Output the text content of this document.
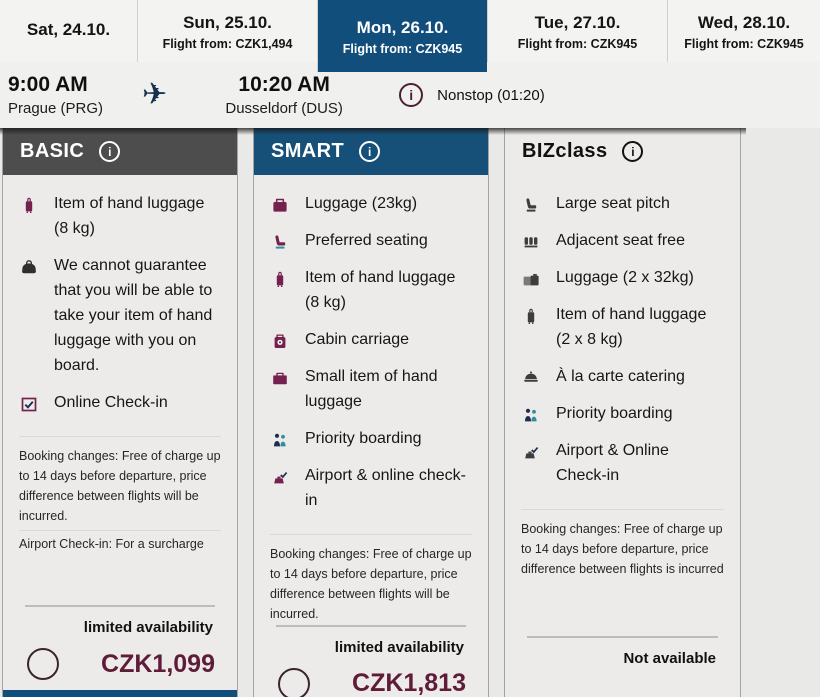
Sat, 24.10.	Sun, 25.10.
Flight from: CZK1,494
Mon, 26.10.
Flight from: CZK945
Tue, 27.10.
Flight from: CZK945
Wed, 28.10.
Flight from: CZK945
9:00 AM
Prague (PRG)	✈	10:20 AM
Dusseldorf (DUS)
i	Nonstop (01:20)
BASIC	i
Item of hand luggage (8 kg)
We cannot guarantee that you will be able to take your item of hand luggage with you on board.
Online Check-in

Booking changes: Free of charge up to 14 days before departure, price difference between flights will be incurred.

Airport Check-in: For a surcharge

limited availability
CZK1,099
SMART	i
Luggage (23kg)
Preferred seating
Item of hand luggage (8 kg)
Cabin carriage
Small item of hand luggage
Priority boarding
Airport & online check-in

Booking changes: Free of charge up to 14 days before departure, price difference between flights will be incurred.

limited availability
CZK1,813
BIZclass	i
Large seat pitch
Adjacent seat free
Luggage (2 x 32kg)
Item of hand luggage (2 x 8 kg)
À la carte catering
Priority boarding
Airport & Online Check-in

Booking changes: Free of charge up to 14 days before departure, price difference between flights is incurred

Not available
